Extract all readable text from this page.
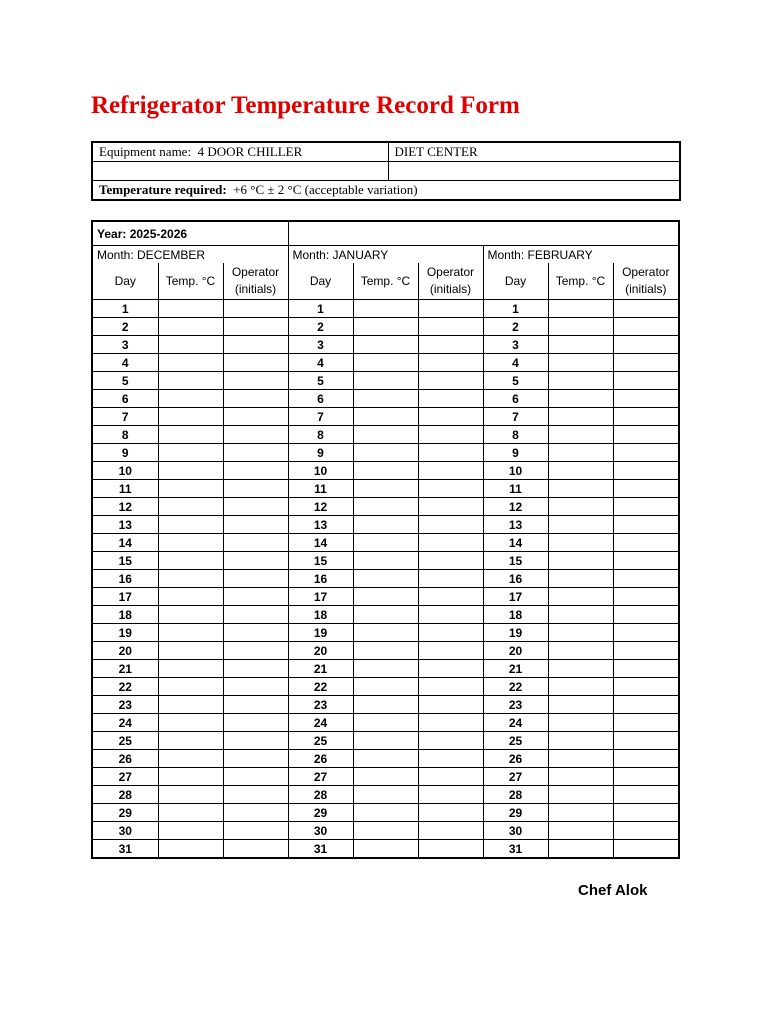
Refrigerator Temperature Record Form
Equipment name: 4 DOOR CHILLER	DIET CENTER

Temperature required: +6 °C ± 2 °C (acceptable variation)	
Year: 2025-2026								
Month: DECEMBER			Month: JANUARY			Month: FEBRUARY		
Day	Temp. °C	Operator (initials)	Day	Temp. °C	Operator (initials)	Day	Temp. °C	Operator (initials)
1			1			1		
2			2			2		
3			3			3		
4			4			4		
5			5			5		
6			6			6		
7			7			7		
8			8			8		
9			9			9		
10			10			10		
11			11			11		
12			12			12		
13			13			13		
14			14			14		
15			15			15		
16			16			16		
17			17			17		
18			18			18		
19			19			19		
20			20			20		
21			21			21		
22			22			22		
23			23			23		
24			24			24		
25			25			25		
26			26			26		
27			27			27		
28			28			28		
29			29			29		
30			30			30		
31			31			31		
Chef Alok
